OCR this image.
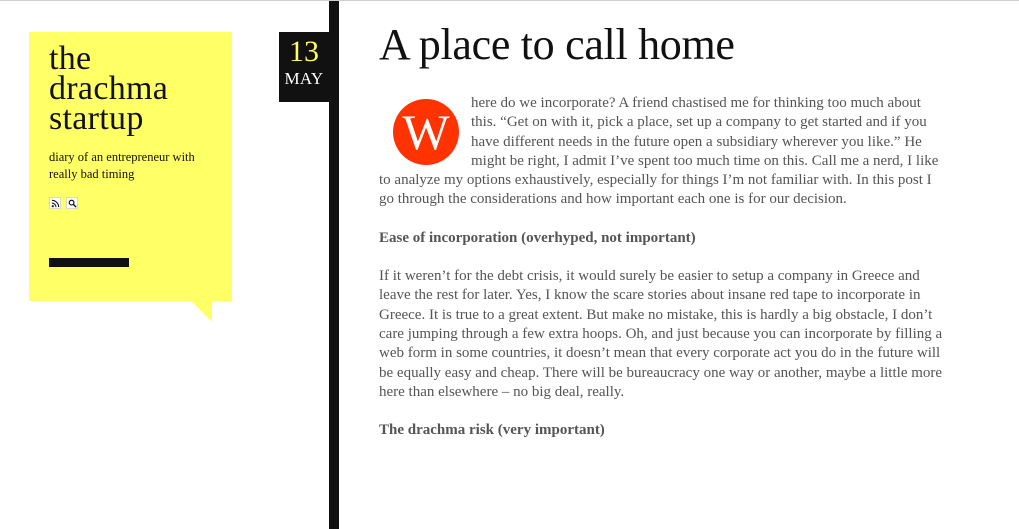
the
drachma
startup

diary of an entrepreneur with really bad timing

13
MAY
A place to call home

W
here do we incorporate? A friend chastised me for thinking too much about this. “Get on with it, pick a place, set up a company to get started and if you have different needs in the future open a subsidiary wherever you like.” He might be right, I admit I’ve spent too much time on this. Call me a nerd, I like to analyze my options exhaustively, especially for things I’m not familiar with. In this post I go through the considerations and how important each one is for our decision.

Ease of incorporation (overhyped, not important)

If it weren’t for the debt crisis, it would surely be easier to setup a company in Greece and leave the rest for later. Yes, I know the scare stories about insane red tape to incorporate in Greece. It is true to a great extent. But make no mistake, this is hardly a big obstacle, I don’t care jumping through a few extra hoops. Oh, and just because you can incorporate by filling a web form in some countries, it doesn’t mean that every corporate act you do in the future will be equally easy and cheap. There will be bureaucracy one way or another, maybe a little more here than elsewhere – no big deal, really.

The drachma risk (very important)
